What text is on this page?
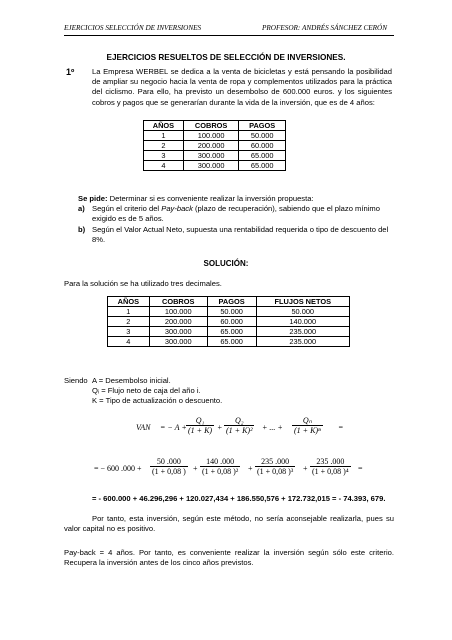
EJERCICIOS SELECCIÓN DE INVERSIONES	PROFESOR: ANDRÉS SÁNCHEZ CERÓN
EJERCICIOS RESUELTOS DE SELECCIÓN DE INVERSIONES.
1º La Empresa WERBEL se dedica a la venta de bicicletas y está pensando la posibilidad de ampliar su negocio hacia la venta de ropa y complementos utilizados para la práctica del ciclismo. Para ello, ha previsto un desembolso de 600.000 euros. y los siguientes cobros y pagos que se generarían durante la vida de la inversión, que es de 4 años:
AÑOS	COBROS	PAGOS
1	100.000	50.000
2	200.000	60.000
3	300.000	65.000
4	300.000	65.000
Se pide: Determinar si es conveniente realizar la inversión propuesta:
a) Según el criterio del Pay-back (plazo de recuperación), sabiendo que el plazo mínimo exigido es de 5 años.
b) Según el Valor Actual Neto, supuesta una rentabilidad requerida o tipo de descuento del 8%.
SOLUCIÓN:
Para la solución se ha utilizado tres decimales.
AÑOS	COBROS	PAGOS	FLUJOS NETOS
1	100.000	50.000	50.000
2	200.000	60.000	140.000
3	300.000	65.000	235.000
4	300.000	65.000	235.000
Siendo A = Desembolso inicial.
Qᵢ = Flujo neto de caja del año i.
K = Tipo de actualización o descuento.
VAN = − $A + \frac{\text{Q₁}}{(1 + K)} + \frac{\text{Q₂}}{\text{(1 + K)²}}$ + ... + $\frac{\text{Qₙ}}{\text{(1 + K)ⁿ}}$ =
= − 600 $.000 + \frac{50 .000}{(1 + 0,08 )} + \frac{140 .000}{\text{(1 + 0,08 )²}} + \frac{235 .000}{\text{(1 + 0,08 )³}} + \frac{235 .000}{\text{(1 + 0,08 )⁴}}$ =
= - 600.000 + 46.296,296 + 120.027,434 + 186.550,576 + 172.732,015 = - 74.393, 679.
Por tanto, esta inversión, según este método, no sería aconsejable realizarla, pues su valor capital no es positivo.
Pay-back = 4 años. Por tanto, es conveniente realizar la inversión según sólo este criterio. Recupera la inversión antes de los cinco años previstos.
